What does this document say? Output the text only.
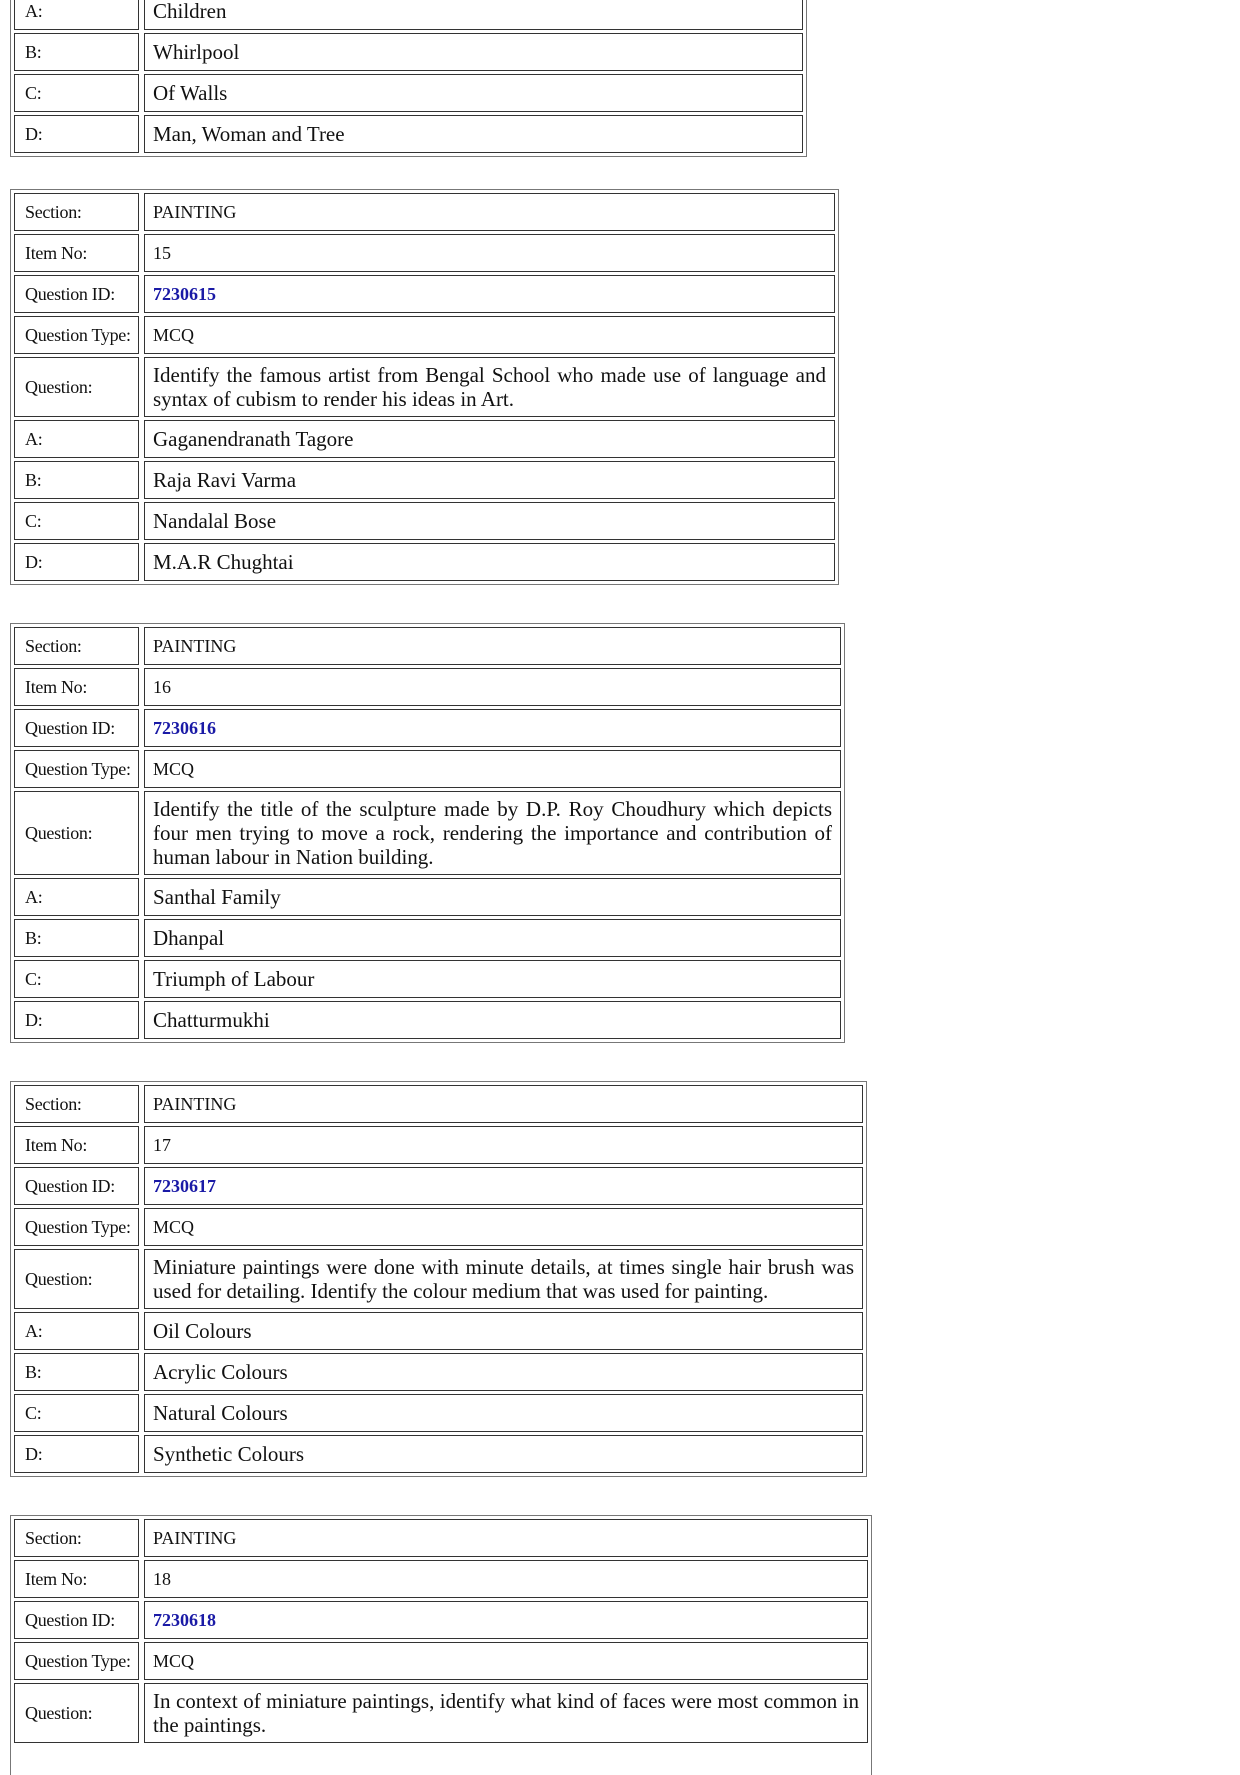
A:	Children
B:	Whirlpool
C:	Of Walls
D:	Man, Woman and Tree
Section:	PAINTING
Item No:	15
Question ID:	7230615
Question Type:	MCQ
Question:	Identify the famous artist from Bengal School who made use of language and syntax of cubism to render his ideas in Art.
A:	Gaganendranath Tagore
B:	Raja Ravi Varma
C:	Nandalal Bose
D:	M.A.R Chughtai
Section:	PAINTING
Item No:	16
Question ID:	7230616
Question Type:	MCQ
Question:
Identify the title of the sculpture made by D.P. Roy Choudhury which depicts four men trying to move a rock, rendering the importance and contribution of human labour in Nation building.
A:	Santhal Family
B:	Dhanpal
C:	Triumph of Labour
D:	Chatturmukhi
Section:	PAINTING
Item No:	17
Question ID:	7230617
Question Type:	MCQ
Question:	Miniature paintings were done with minute details, at times single hair brush was used for detailing. Identify the colour medium that was used for painting.
A:	Oil Colours
B:	Acrylic Colours
C:	Natural Colours
D:	Synthetic Colours
Section:	PAINTING
Item No:	18
Question ID:	7230618
Question Type:	MCQ
Question:	In context of miniature paintings, identify what kind of faces were most common in the paintings.
